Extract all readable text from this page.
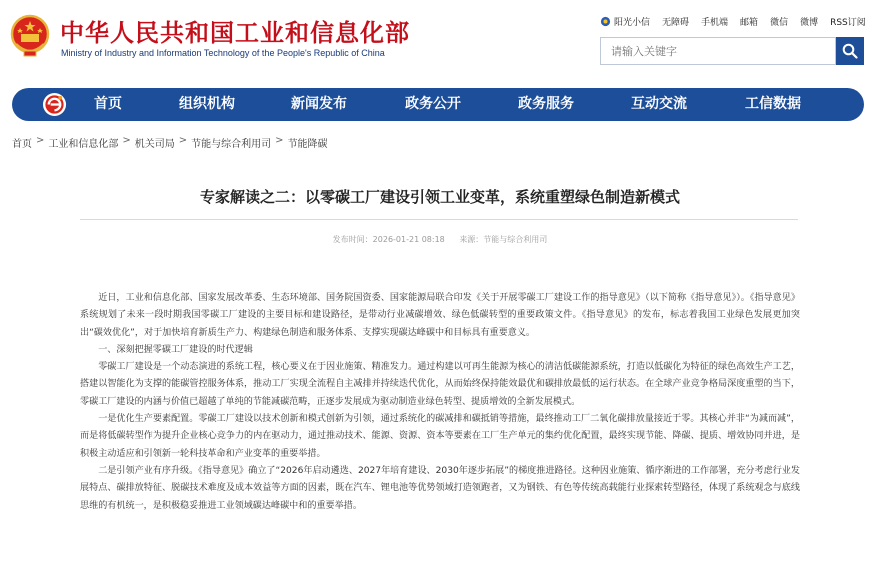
中华人民共和国工业和信息化部
Ministry of Industry and Information Technology of the People's Republic of China
阳光小信 无障碍 手机端 邮箱 微信 微博 RSS订阅
请输入关键字
首页	组织机构	新闻发布	政务公开	政务服务	互动交流	工信数据
首页 > 工业和信息化部 > 机关司局 > 节能与综合利用司 > 节能降碳
专家解读之二：以零碳工厂建设引领工业变革，系统重塑绿色制造新模式
发布时间：2026-01-21 08:18 来源：节能与综合利用司

近日，工业和信息化部、国家发展改革委、生态环境部、国务院国资委、国家能源局联合印发《关于开展零碳工厂建设工作的指导意见》（以下简称《指导意见》）。《指导意见》系统规划了未来一段时期我国零碳工厂建设的主要目标和建设路径，是带动行业减碳增效、绿色低碳转型的重要政策文件。《指导意见》的发布，标志着我国工业绿色发展更加突出“碳效优化”，对于加快培育新质生产力、构建绿色制造和服务体系、支撑实现碳达峰碳中和目标具有重要意义。

一、深刻把握零碳工厂建设的时代逻辑

零碳工厂建设是一个动态演进的系统工程，核心要义在于因业施策、精准发力。通过构建以可再生能源为核心的清洁低碳能源系统，打造以低碳化为特征的绿色高效生产工艺，搭建以智能化为支撑的能碳管控服务体系，推动工厂实现全流程自主减排并持续迭代优化，从而始终保持能效最优和碳排放最低的运行状态。在全球产业竞争格局深度重塑的当下，零碳工厂建设的内涵与价值已超越了单纯的节能减碳范畴，正逐步发展成为驱动制造业绿色转型、提质增效的全新发展模式。

一是优化生产要素配置。零碳工厂建设以技术创新和模式创新为引领，通过系统化的碳减排和碳抵销等措施，最终推动工厂二氧化碳排放量接近于零。其核心并非“为减而减”，而是将低碳转型作为提升企业核心竞争力的内在驱动力，通过推动技术、能源、资源、资本等要素在工厂生产单元的集约优化配置，最终实现节能、降碳、提质、增效协同并进，是积极主动适应和引领新一轮科技革命和产业变革的重要举措。

二是引领产业有序升级。《指导意见》确立了“2026年启动遴选、2027年培育建设、2030年逐步拓展”的梯度推进路径。这种因业施策、循序渐进的工作部署，充分考虑行业发展特点、碳排放特征、脱碳技术难度及成本效益等方面的因素，既在汽车、锂电池等优势领域打造领跑者，又为钢铁、有色等传统高载能行业探索转型路径，体现了系统观念与底线思维的有机统一，是积极稳妥推进工业领域碳达峰碳中和的重要举措。
